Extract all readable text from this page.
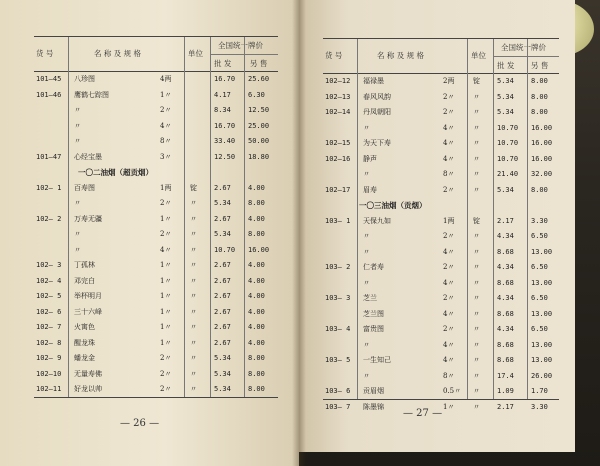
货 号	名 称 及 规 格	单位
全国统一牌价
批 发 另 售
101—45 八珍图	4两	16.70 25.60
101—46 鹰鹤七踪图	1〃	4.17 6.30
〃	2〃	8.34 12.50
〃	4〃	16.70 25.00
〃	8〃	33.40 50.00
101—47 心经宝墨	3〃	12.50 18.80
一〇二油烟（超贡烟）
102— 1 百寿图	1两	锭 2.67 4.00
〃	2〃	〃 5.34 8.00
102— 2 万寿无疆	1〃	〃 2.67 4.00
〃	2〃	〃 5.34 8.00
〃	4〃	〃 10.70 16.00
102— 3 丁孤林	1〃	〃 2.67 4.00
102— 4 邓完白	1〃	〃 2.67 4.00
102— 5 举杯明月	1〃	〃 2.67 4.00
102— 6 三十六峰	1〃	〃 2.67 4.00
102— 7 火寓色	1〃	〃 2.67 4.00
102— 8 醒龙珠	1〃	〃 2.67 4.00
102— 9 蟠龙金	2〃	〃 5.34 8.00
102—10 无量寿佛	2〃	〃 5.34 8.00
102—11 好龙以帅	2〃	〃 5.34 8.00
— 26 —
货 号	名 称 及 规 格	单位
全国统一牌价
批 发 另 售
102—12 福禄墨	2两	锭 5.34 8.00
102—13 春风风韵	2〃	〃 5.34 8.00
102—14 丹凤朝阳	2〃	〃 5.34 8.00
〃	4〃	〃 10.70 16.00
102—15 为天下寿	4〃	〃 10.70 16.00
102—16 静声	4〃	〃 10.70 16.00
〃	8〃	〃 21.40 32.00
102—17 眉寿	2〃	〃 5.34 8.00
一〇三油烟（贡烟）
103— 1 天保九如	1两	锭 2.17 3.30
〃	2〃	〃 4.34 6.50
〃	4〃	〃 8.68 13.00
103— 2 仁者寿	2〃	〃 4.34 6.50
〃	4〃	〃 8.68 13.00
103— 3 芝兰	2〃	〃 4.34 6.50
芝兰图	4〃	〃 8.68 13.00
103— 4 富贵图	2〃	〃 4.34 6.50
〃	4〃	〃 8.68 13.00
103— 5 一生知己	4〃	〃 8.68 13.00
〃	8〃	〃 17.4 26.00
103— 6 贡眉烟	0.5〃 〃 1.09 1.70
103— 7 陈墨锦	1〃	〃 2.17 3.30
— 27 —
